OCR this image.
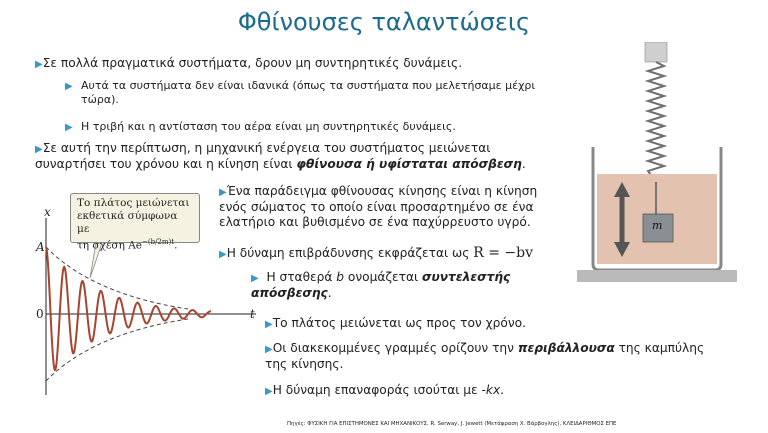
Φθίνουσες ταλαντώσεις
▶Σε πολλά πραγματικά συστήματα, δρουν μη συντηρητικές δυνάμεις.
▶ Αυτά τα συστήματα δεν είναι ιδανικά (όπως τα συστήματα που μελετήσαμε μέχρι τώρα).
▶ Η τριβή και η αντίσταση του αέρα είναι μη συντηρητικές δυνάμεις.
▶Σε αυτή την περίπτωση, η μηχανική ενέργεια του συστήματος μειώνεται συναρτήσει του χρόνου και η κίνηση είναι φθίνουσα ή υφίσταται απόσβεση.
▶Ένα παράδειγμα φθίνουσας κίνησης είναι η κίνηση ενός σώματος το οποίο είναι προσαρτημένο σε ένα ελατήριο και βυθισμένο σε ένα παχύρρευστο υγρό.
▶Η δύναμη επιβράδυνσης εκφράζεται ως R = −bv
▶ Η σταθερά b ονομάζεται συντελεστής απόσβεσης.
▶Το πλάτος μειώνεται ως προς τον χρόνο.
▶Οι διακεκομμένες γραμμές ορίζουν την περιβάλλουσα της καμπύλης της κίνησης.
▶Η δύναμη επαναφοράς ισούται με -kx.
x
A
0	t
Το πλάτος μειώνεται
εκθετικά σύμφωνα με
τη σχέση $Ae^{-(b/2m)t}$.
m
Πηγές: ΦΥΣΙΚΗ ΓΙΑ ΕΠΙΣΤΗΜΟΝΕΣ ΚΑΙ ΜΗΧΑΝΙΚΟΥΣ, R. Serway, J. Jewett (Μετάφραση Χ. Βάρβογλης), ΚΛΕΙΔΑΡΙΘΜΟΣ ΕΠΕ
